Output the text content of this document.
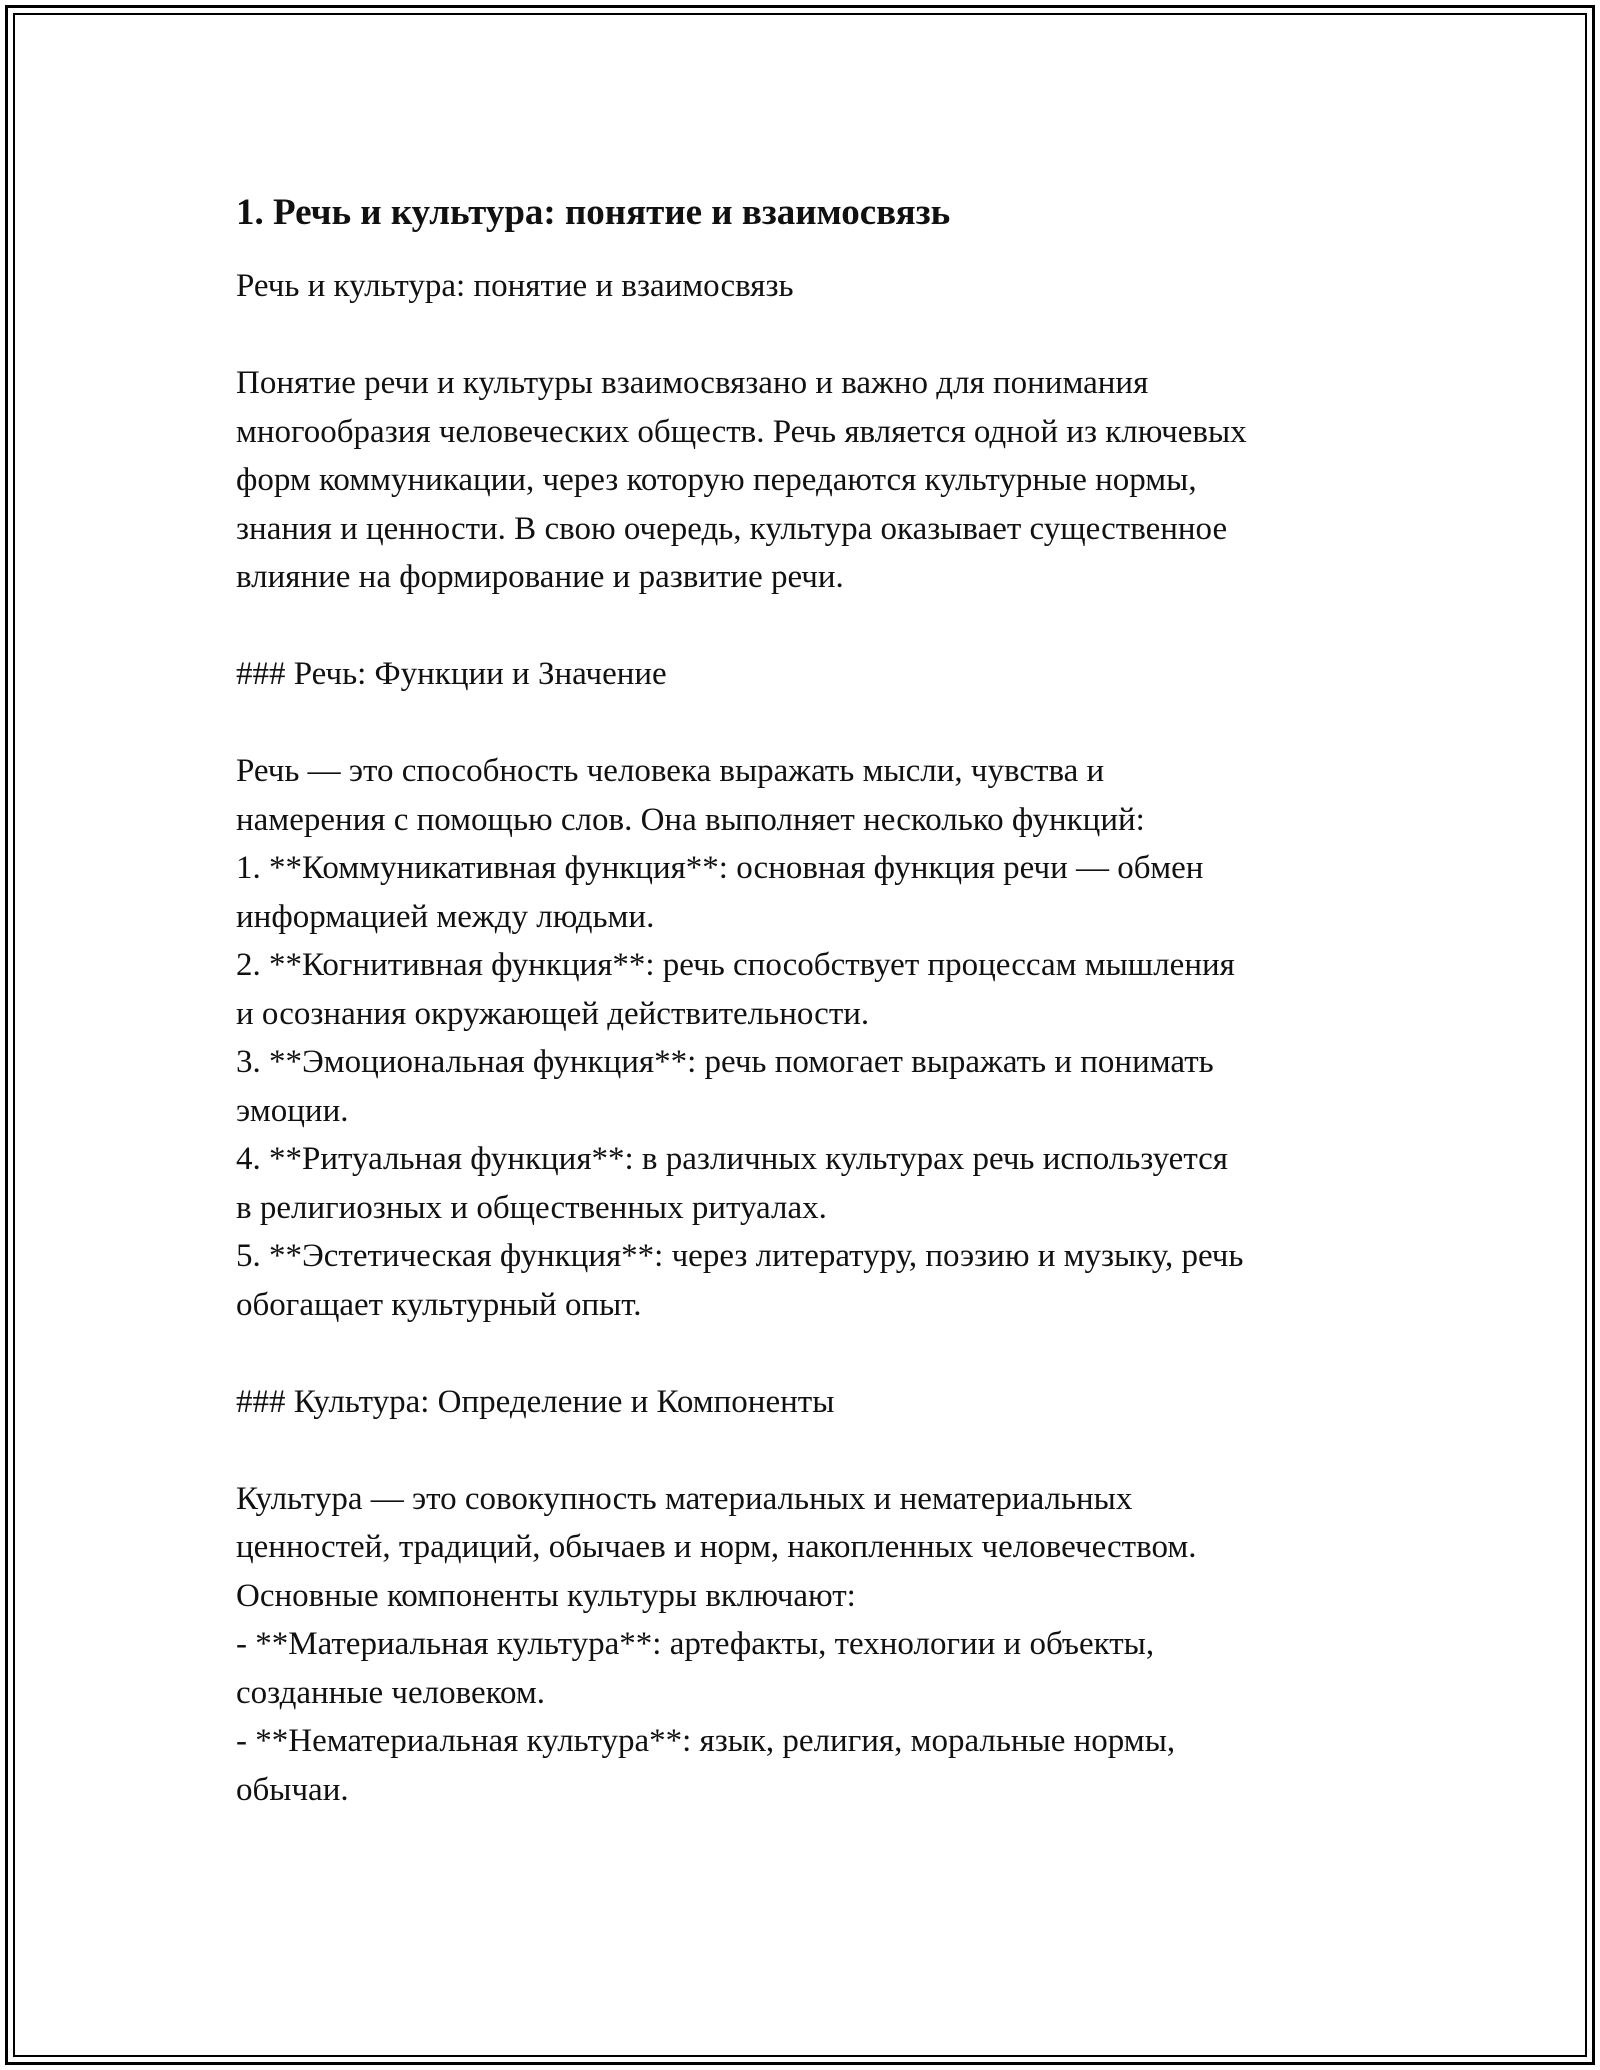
1. Речь и культура: понятие и взаимосвязь
Речь и культура: понятие и взаимосвязь
Понятие речи и культуры взаимосвязано и важно для понимания
многообразия человеческих обществ. Речь является одной из ключевых
форм коммуникации, через которую передаются культурные нормы,
знания и ценности. В свою очередь, культура оказывает существенное
влияние на формирование и развитие речи.
### Речь: Функции и Значение
Речь — это способность человека выражать мысли, чувства и
намерения с помощью слов. Она выполняет несколько функций:
1. **Коммуникативная функция**: основная функция речи — обмен
информацией между людьми.
2. **Когнитивная функция**: речь способствует процессам мышления
и осознания окружающей действительности.
3. **Эмоциональная функция**: речь помогает выражать и понимать
эмоции.
4. **Ритуальная функция**: в различных культурах речь используется
в религиозных и общественных ритуалах.
5. **Эстетическая функция**: через литературу, поэзию и музыку, речь
обогащает культурный опыт.
### Культура: Определение и Компоненты
Культура — это совокупность материальных и нематериальных
ценностей, традиций, обычаев и норм, накопленных человечеством.
Основные компоненты культуры включают:
- **Материальная культура**: артефакты, технологии и объекты,
созданные человеком.
- **Нематериальная культура**: язык, религия, моральные нормы,
обычаи.
